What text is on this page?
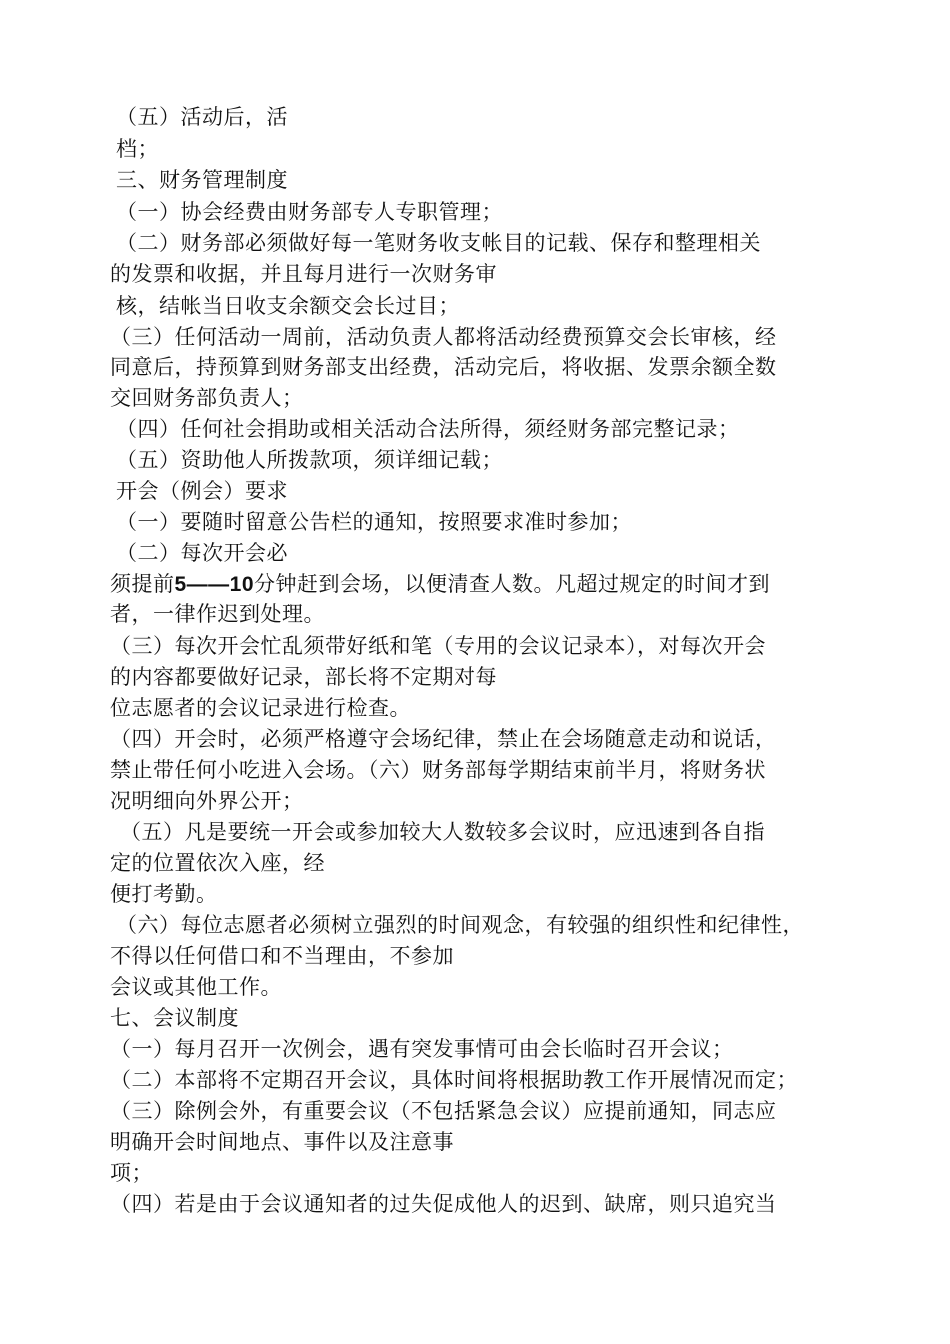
（五）活动后，活
档；
三、财务管理制度
（一）协会经费由财务部专人专职管理；
（二）财务部必须做好每一笔财务收支帐目的记载、保存和整理相关
的发票和收据，并且每月进行一次财务审
核，结帐当日收支余额交会长过目；
（三）任何活动一周前，活动负责人都将活动经费预算交会长审核，经
同意后，持预算到财务部支出经费，活动完后，将收据、发票余额全数
交回财务部负责人；
（四）任何社会捐助或相关活动合法所得，须经财务部完整记录；
（五）资助他人所拨款项，须详细记载；
开会（例会）要求
（一）要随时留意公告栏的通知，按照要求准时参加；
（二）每次开会必
须提前5——10分钟赶到会场，以便清查人数。凡超过规定的时间才到
者，一律作迟到处理。
（三）每次开会忙乱须带好纸和笔（专用的会议记录本），对每次开会
的内容都要做好记录，部长将不定期对每
位志愿者的会议记录进行检查。
（四）开会时，必须严格遵守会场纪律，禁止在会场随意走动和说话，
禁止带任何小吃进入会场。（六）财务部每学期结束前半月，将财务状
况明细向外界公开；
（五）凡是要统一开会或参加较大人数较多会议时，应迅速到各自指
定的位置依次入座，经
便打考勤。
（六）每位志愿者必须树立强烈的时间观念，有较强的组织性和纪律性，
不得以任何借口和不当理由，不参加
会议或其他工作。
七、会议制度
（一）每月召开一次例会，遇有突发事情可由会长临时召开会议；
（二）本部将不定期召开会议，具体时间将根据助教工作开展情况而定；
（三）除例会外，有重要会议（不包括紧急会议）应提前通知，同志应
明确开会时间地点、事件以及注意事
项；
（四）若是由于会议通知者的过失促成他人的迟到、缺席，则只追究当
